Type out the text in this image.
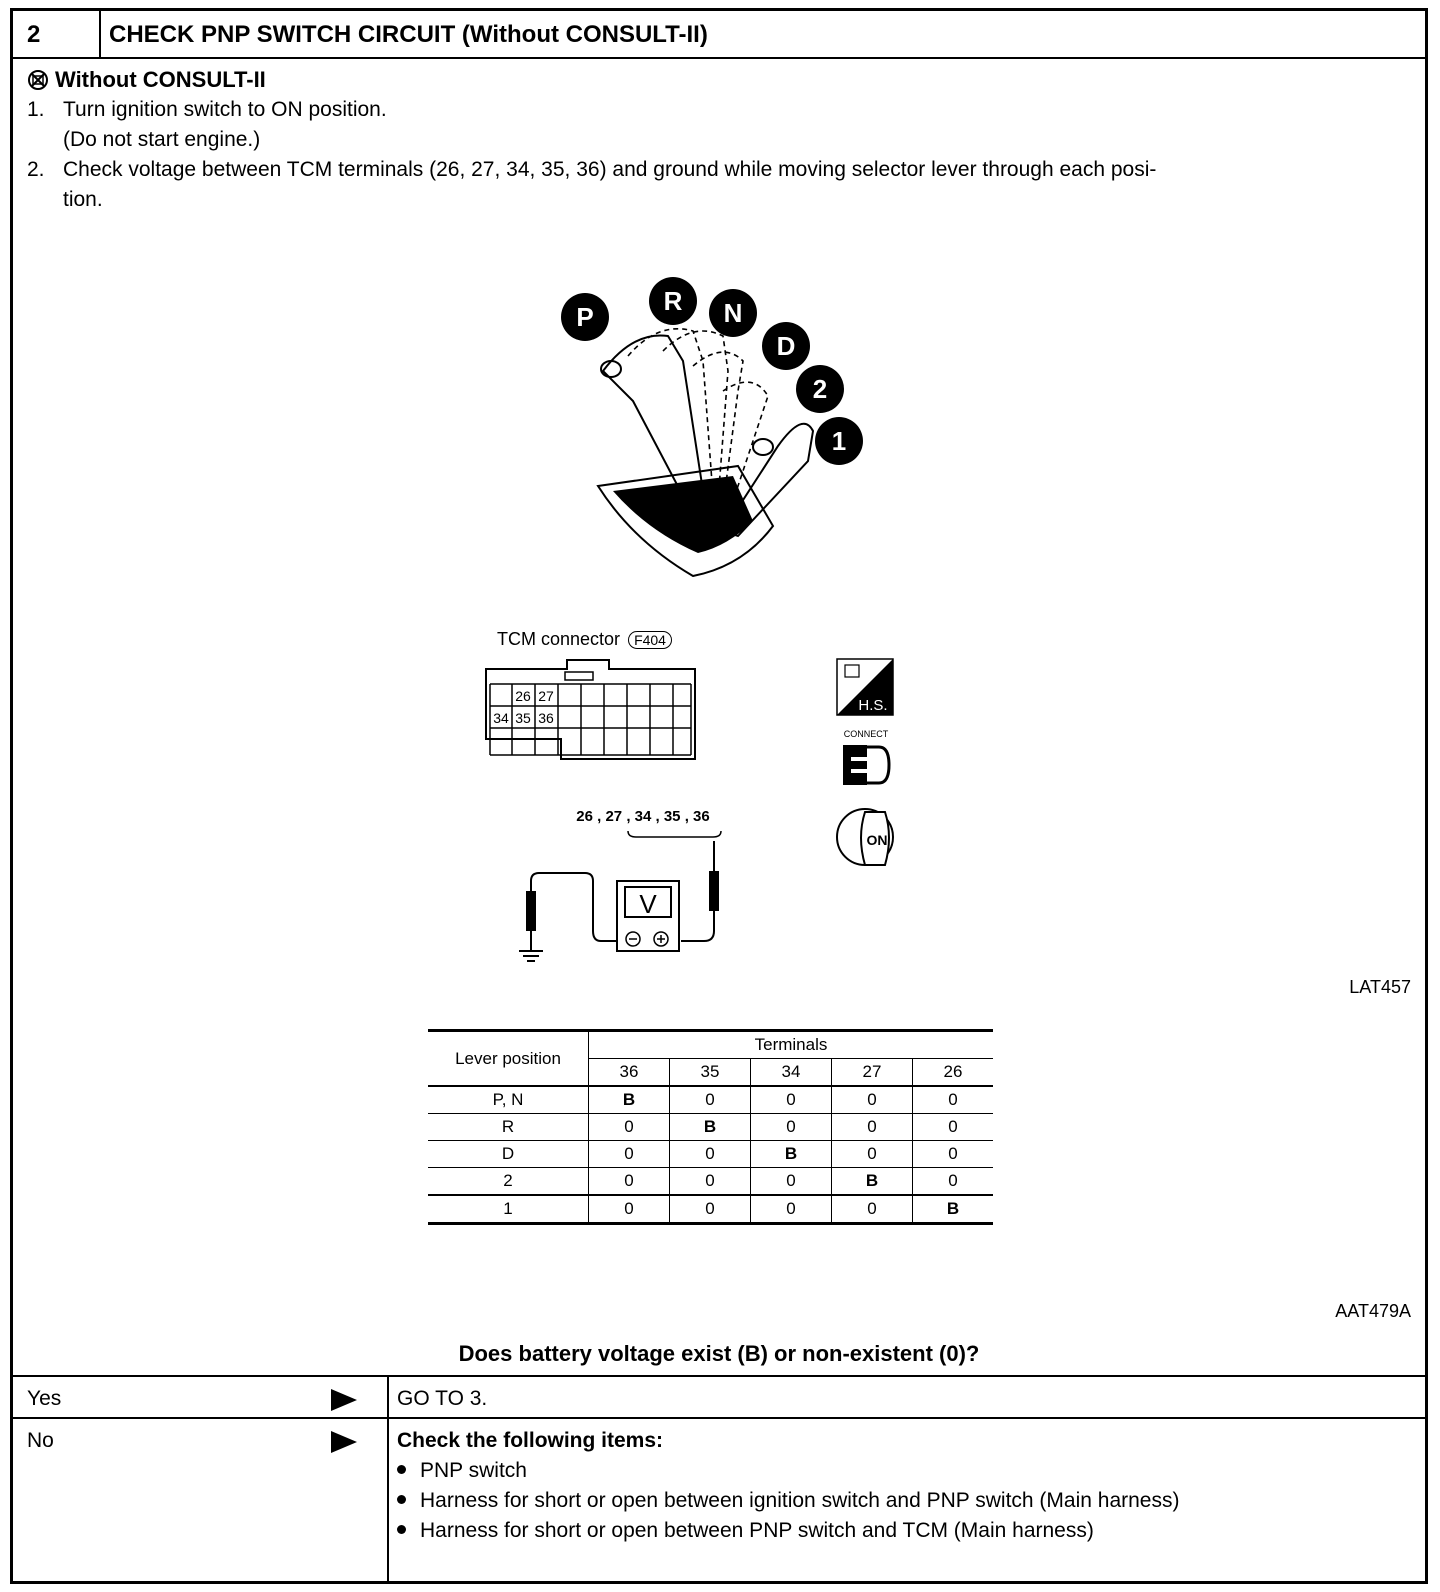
2	CHECK PNP SWITCH CIRCUIT (Without CONSULT-II)
Without CONSULT-II
1. Turn ignition switch to ON position.
(Do not start engine.)
2. Check voltage between TCM terminals (26, 27, 34, 35, 36) and ground while moving selector lever through each posi-
tion.
P
R N
D
2
1
TCM connector F404
26 27
34 35 36
26 , 27 , 34 , 35 , 36
V
H.S.
CONNECT
ON
LAT457
Lever position	Terminals				
	36	35	34	27	26
P, N	B	0	0	0	0
R	0	B	0	0	0
D	0	0	B	0	0
2	0	0	0	B	0
1	0	0	0	0	B
AAT479A
Does battery voltage exist (B) or non-existent (0)?
Yes	GO TO 3.
No	Check the following items:
PNP switch
Harness for short or open between ignition switch and PNP switch (Main harness)
Harness for short or open between PNP switch and TCM (Main harness)
